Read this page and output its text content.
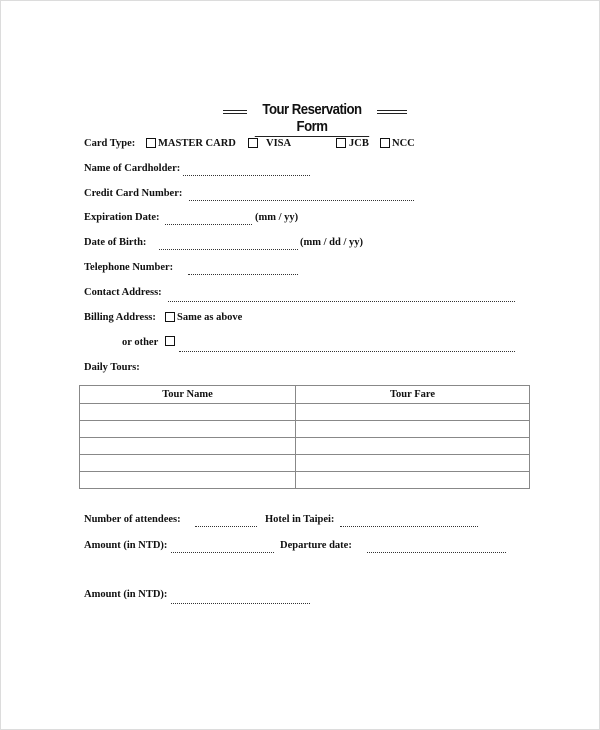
Tour Reservation Form
Card Type: MASTER CARD	VISA	JCB NCC
Name of Cardholder:
Credit Card Number:
Expiration Date:	(mm / yy)
Date of Birth:	(mm / dd / yy)
Telephone Number:
Contact Address:
Billing Address: Same as above
or other
Daily Tours:
Tour Name	Tour Fare

Number of attendees:	Hotel in Taipei:
Amount (in NTD):	Departure date:
Amount (in NTD):
